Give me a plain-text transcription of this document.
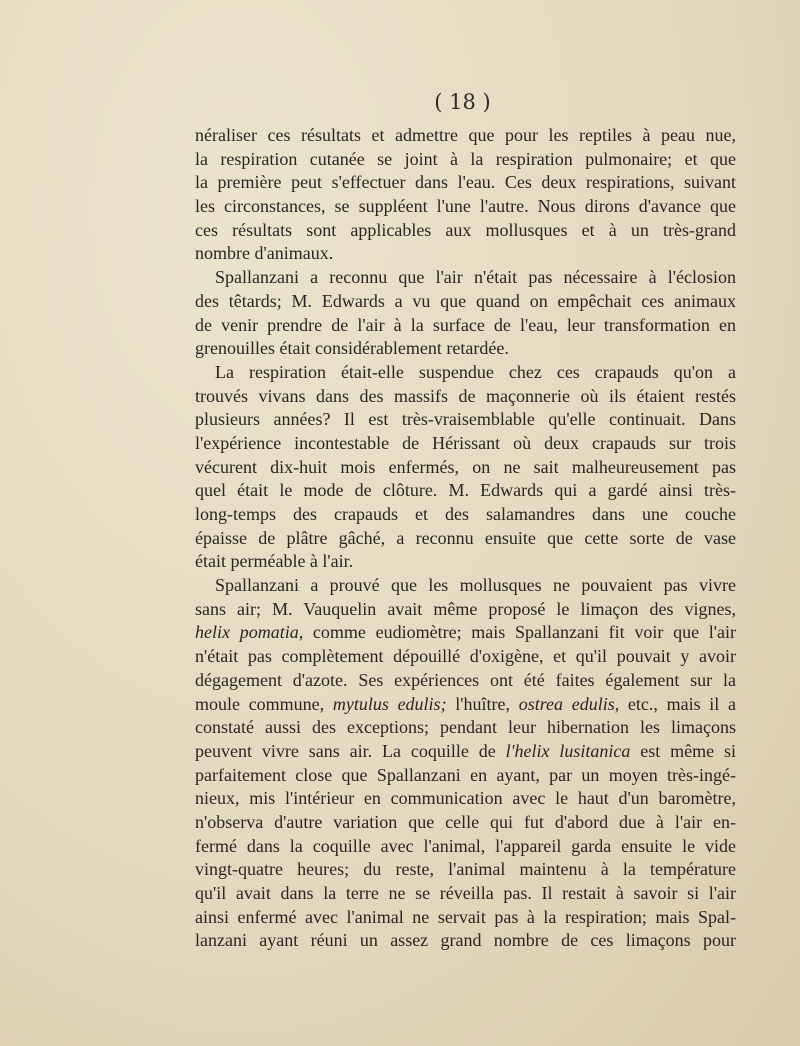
( 18 )
néraliser ces résultats et admettre que pour les reptiles à peau nue,
la respiration cutanée se joint à la respiration pulmonaire; et que
la première peut s'effectuer dans l'eau. Ces deux respirations, suivant
les circonstances, se suppléent l'une l'autre. Nous dirons d'avance que
ces résultats sont applicables aux mollusques et à un très-grand
nombre d'animaux.
Spallanzani a reconnu que l'air n'était pas nécessaire à l'éclosion
des têtards; M. Edwards a vu que quand on empêchait ces animaux
de venir prendre de l'air à la surface de l'eau, leur transformation en
grenouilles était considérablement retardée.
La respiration était-elle suspendue chez ces crapauds qu'on a
trouvés vivans dans des massifs de maçonnerie où ils étaient restés
plusieurs années? Il est très-vraisemblable qu'elle continuait. Dans
l'expérience incontestable de Hérissant où deux crapauds sur trois
vécurent dix-huit mois enfermés, on ne sait malheureusement pas
quel était le mode de clôture. M. Edwards qui a gardé ainsi très-
long-temps des crapauds et des salamandres dans une couche
épaisse de plâtre gâché, a reconnu ensuite que cette sorte de vase
était perméable à l'air.
Spallanzani a prouvé que les mollusques ne pouvaient pas vivre
sans air; M. Vauquelin avait même proposé le limaçon des vignes,
helix pomatia, comme eudiomètre; mais Spallanzani fit voir que l'air
n'était pas complètement dépouillé d'oxigène, et qu'il pouvait y avoir
dégagement d'azote. Ses expériences ont été faites également sur la
moule commune, mytulus edulis; l'huître, ostrea edulis, etc., mais il a
constaté aussi des exceptions; pendant leur hibernation les limaçons
peuvent vivre sans air. La coquille de l'helix lusitanica est même si
parfaitement close que Spallanzani en ayant, par un moyen très-ingé-
nieux, mis l'intérieur en communication avec le haut d'un baromètre,
n'observa d'autre variation que celle qui fut d'abord due à l'air en-
fermé dans la coquille avec l'animal, l'appareil garda ensuite le vide
vingt-quatre heures; du reste, l'animal maintenu à la température
qu'il avait dans la terre ne se réveilla pas. Il restait à savoir si l'air
ainsi enfermé avec l'animal ne servait pas à la respiration; mais Spal-
lanzani ayant réuni un assez grand nombre de ces limaçons pour
